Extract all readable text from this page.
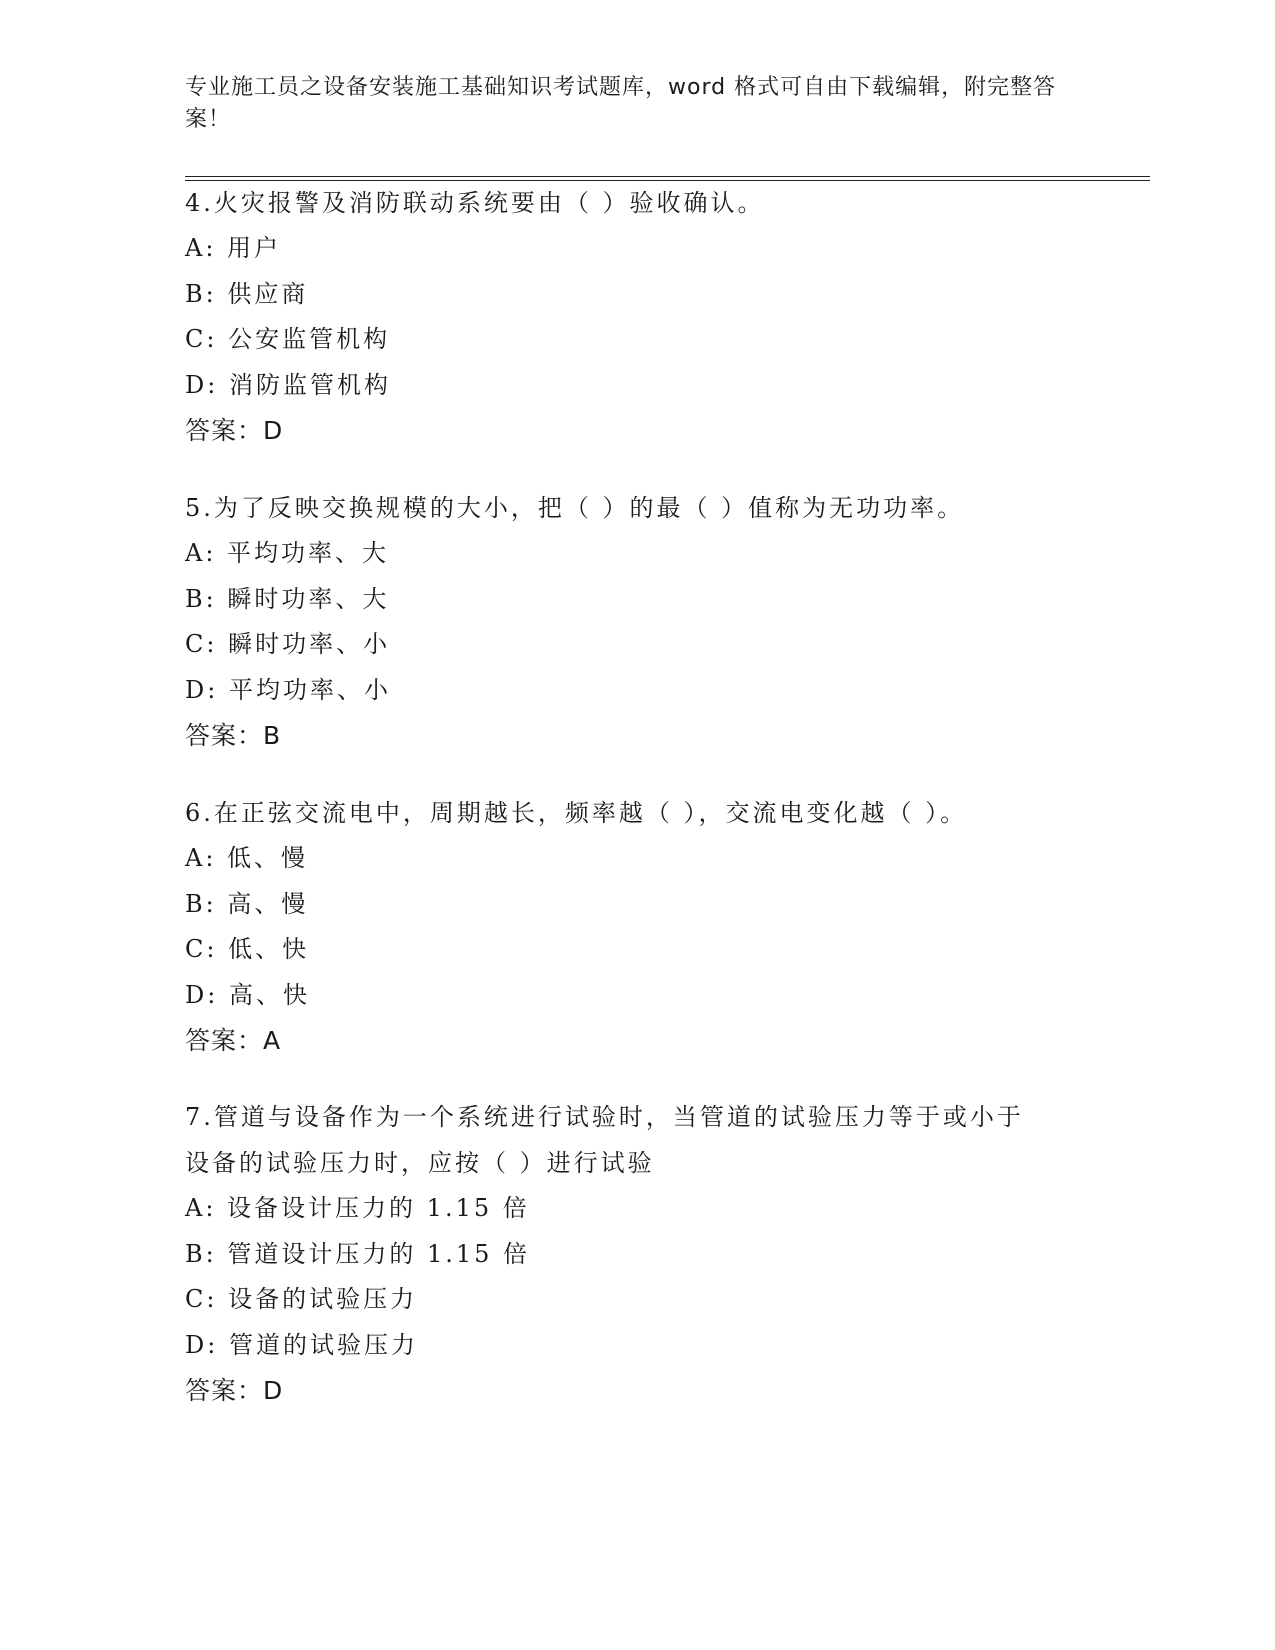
专业施工员之设备安装施工基础知识考试题库，word 格式可自由下载编辑，附完整答案！
4.火灾报警及消防联动系统要由（ ）验收确认。
A: 用户
B: 供应商
C: 公安监管机构
D: 消防监管机构
答案：D
5.为了反映交换规模的大小，把（ ）的最（ ）值称为无功功率。
A: 平均功率、大
B: 瞬时功率、大
C: 瞬时功率、小
D: 平均功率、小
答案：B
6.在正弦交流电中，周期越长，频率越（ ），交流电变化越（ ）。
A: 低、慢
B: 高、慢
C: 低、快
D: 高、快
答案：A
7.管道与设备作为一个系统进行试验时，当管道的试验压力等于或小于设备的试验压力时，应按（ ）进行试验
A: 设备设计压力的 1.15 倍
B: 管道设计压力的 1.15 倍
C: 设备的试验压力
D: 管道的试验压力
答案：D
